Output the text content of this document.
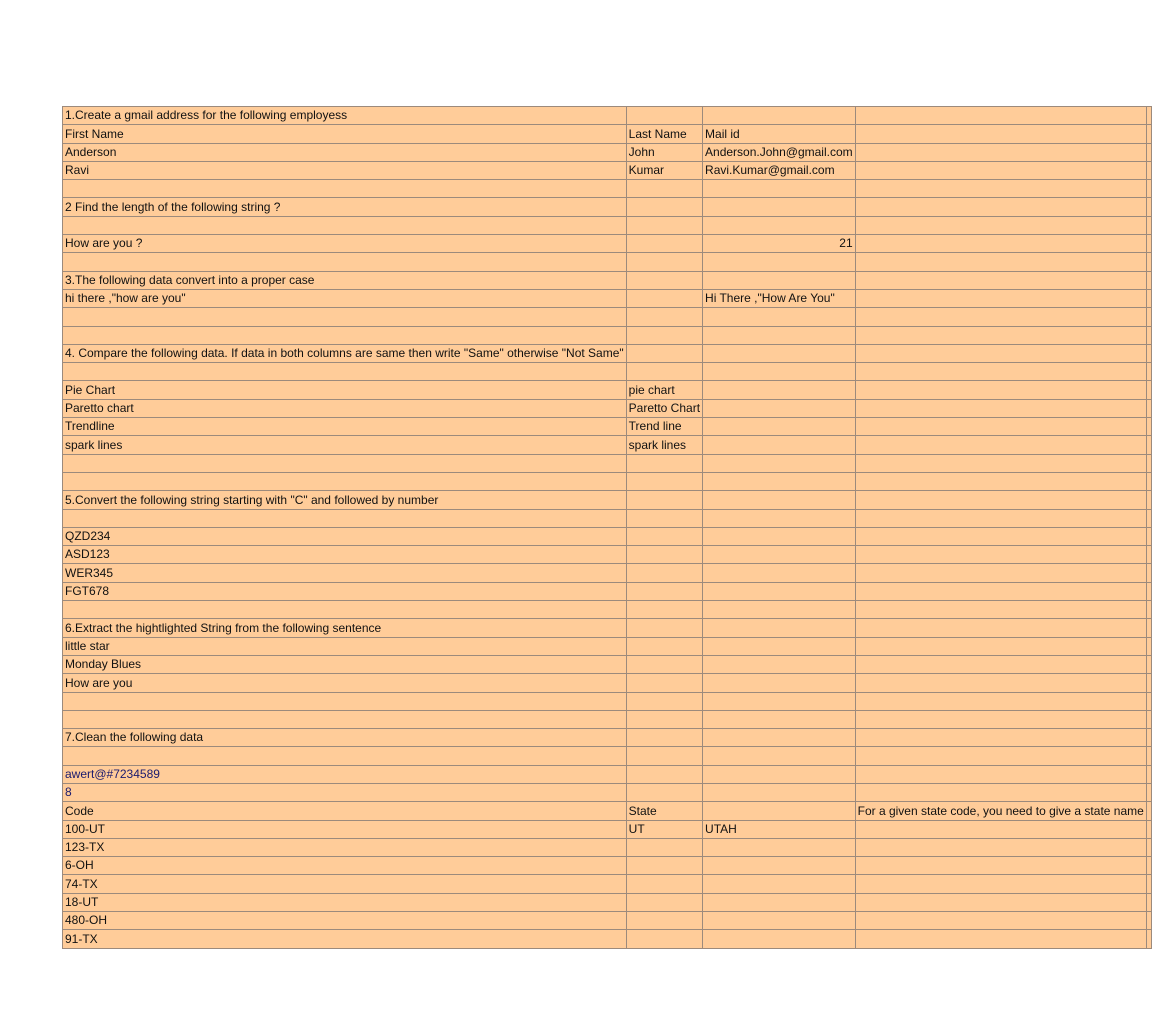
1.Create a gmail address for the following employess				
First Name	Last Name	Mail id		
Anderson	John	Anderson.John@gmail.com		
Ravi	Kumar	Ravi.Kumar@gmail.com		

2 Find the length of the following string ?				

How are you ?		21		

3.The following data convert into a proper case				
hi there ,"how are you"		Hi There ,"How Are You"		

4. Compare the following data. If data in both columns are same then write "Same" otherwise "Not Same"				

Pie Chart	pie chart			
Paretto chart	Paretto Chart			
Trendline	Trend line			
spark lines	spark lines			

5.Convert the following string starting with "C" and followed by number				

QZD234				
ASD123				
WER345				
FGT678				

6.Extract the hightlighted String from the following sentence				
little star				
Monday Blues				
How are you				

7.Clean the following data				

awert@#7234589				
8				
Code	State		For a given state code, you need to give a state name	
100-UT	UT	UTAH		
123-TX				
6-OH				
74-TX				
18-UT				
480-OH				
91-TX				
